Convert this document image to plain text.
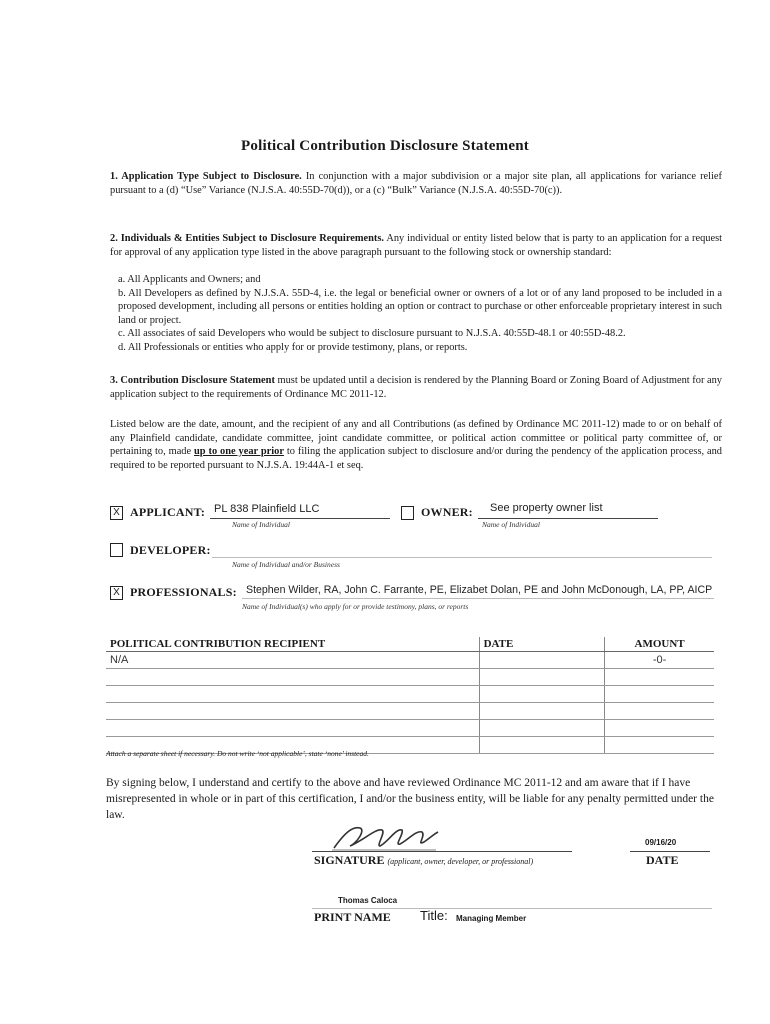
Political Contribution Disclosure Statement
1. Application Type Subject to Disclosure. In conjunction with a major subdivision or a major site plan, all applications for variance relief pursuant to a (d) “Use” Variance (N.J.S.A. 40:55D-70(d)), or a (c) “Bulk” Variance (N.J.S.A. 40:55D-70(c)).
2. Individuals & Entities Subject to Disclosure Requirements. Any individual or entity listed below that is party to an application for a request for approval of any application type listed in the above paragraph pursuant to the following stock or ownership standard:
a. All Applicants and Owners; and
b. All Developers as defined by N.J.S.A. 55D-4, i.e. the legal or beneficial owner or owners of a lot or of any land proposed to be included in a proposed development, including all persons or entities holding an option or contract to purchase or other enforceable proprietary interest in such land or project.
c. All associates of said Developers who would be subject to disclosure pursuant to N.J.S.A. 40:55D-48.1 or 40:55D-48.2.
d. All Professionals or entities who apply for or provide testimony, plans, or reports.
3. Contribution Disclosure Statement must be updated until a decision is rendered by the Planning Board or Zoning Board of Adjustment for any application subject to the requirements of Ordinance MC 2011-12.
Listed below are the date, amount, and the recipient of any and all Contributions (as defined by Ordinance MC 2011-12) made to or on behalf of any Plainfield candidate, candidate committee, joint candidate committee, or political action committee or political party committee of, or pertaining to, made up to one year prior to filing the application subject to disclosure and/or during the pendency of the application process, and required to be reported pursuant to N.J.S.A. 19:44A-1 et seq.
X APPLICANT: PL 838 Plainfield LLC
Name of Individual
OWNER: See property owner list
Name of Individual
DEVELOPER:
Name of Individual and/or Business
X PROFESSIONALS: Stephen Wilder, RA, John C. Farrante, PE, Elizabet Dolan, PE and John McDonough, LA, PP, AICP
Name of Individual(s) who apply for or provide testimony, plans, or reports
POLITICAL CONTRIBUTION RECIPIENT	DATE	AMOUNT
N/A		-0-

Attach a separate sheet if necessary. Do not write ‘not applicable’, state ‘none’ instead.
By signing below, I understand and certify to the above and have reviewed Ordinance MC 2011-12 and am aware that if I have misrepresented in whole or in part of this certification, I and/or the business entity, will be liable for any penalty permitted under the law.
SIGNATURE (applicant, owner, developer, or professional)
09/16/20
DATE
Thomas Caloca
PRINT NAME Title: Managing Member
